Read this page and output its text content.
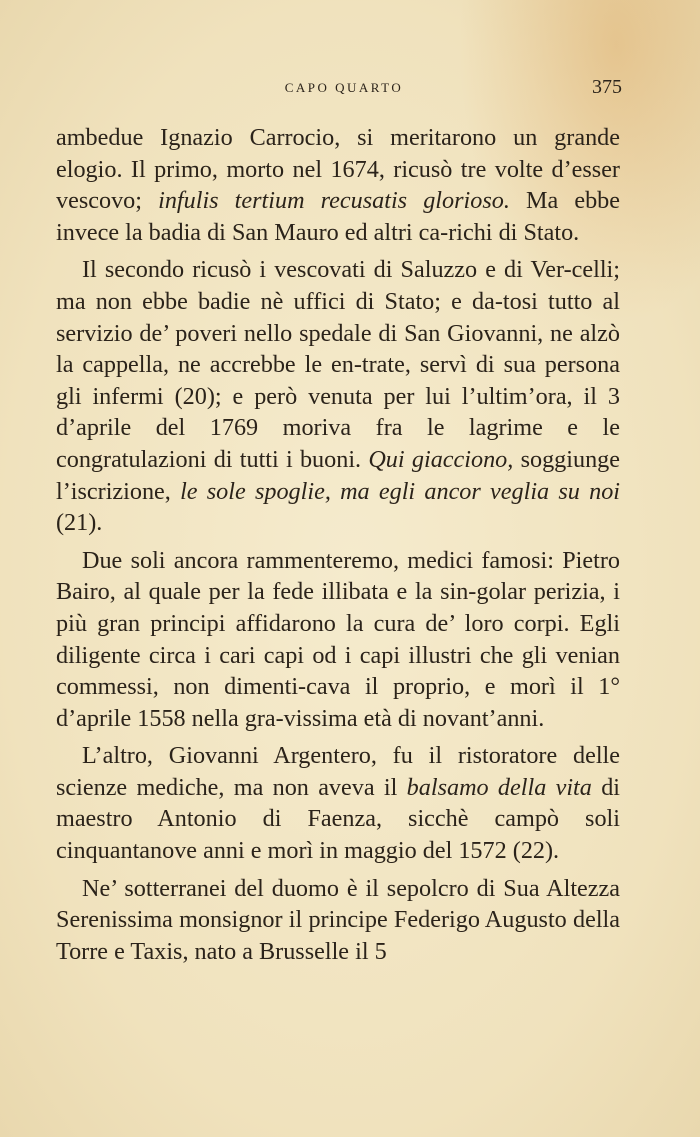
CAPO QUARTO	375

ambedue Ignazio Carrocio, si meritarono un grande elogio. Il primo, morto nel 1674, ricusò tre volte d’esser vescovo; infulis tertium recusatis glorioso. Ma ebbe invece la badia di San Mauro ed altri ca-richi di Stato.

Il secondo ricusò i vescovati di Saluzzo e di Ver-celli; ma non ebbe badie nè uffici di Stato; e da-tosi tutto al servizio de’ poveri nello spedale di San Giovanni, ne alzò la cappella, ne accrebbe le en-trate, servì di sua persona gli infermi (20); e però venuta per lui l’ultim’ora, il 3 d’aprile del 1769 moriva fra le lagrime e le congratulazioni di tutti i buoni. Qui giacciono, soggiunge l’iscrizione, le sole spoglie, ma egli ancor veglia su noi (21).

Due soli ancora rammenteremo, medici famosi: Pietro Bairo, al quale per la fede illibata e la sin-golar perizia, i più gran principi affidarono la cura de’ loro corpi. Egli diligente circa i cari capi od i capi illustri che gli venian commessi, non dimenti-cava il proprio, e morì il 1° d’aprile 1558 nella gra-vissima età di novant’anni.

L’altro, Giovanni Argentero, fu il ristoratore delle scienze mediche, ma non aveva il balsamo della vita di maestro Antonio di Faenza, sicchè campò soli cinquantanove anni e morì in maggio del 1572 (22).

Ne’ sotterranei del duomo è il sepolcro di Sua Altezza Serenissima monsignor il principe Federigo Augusto della Torre e Taxis, nato a Brusselle il 5
